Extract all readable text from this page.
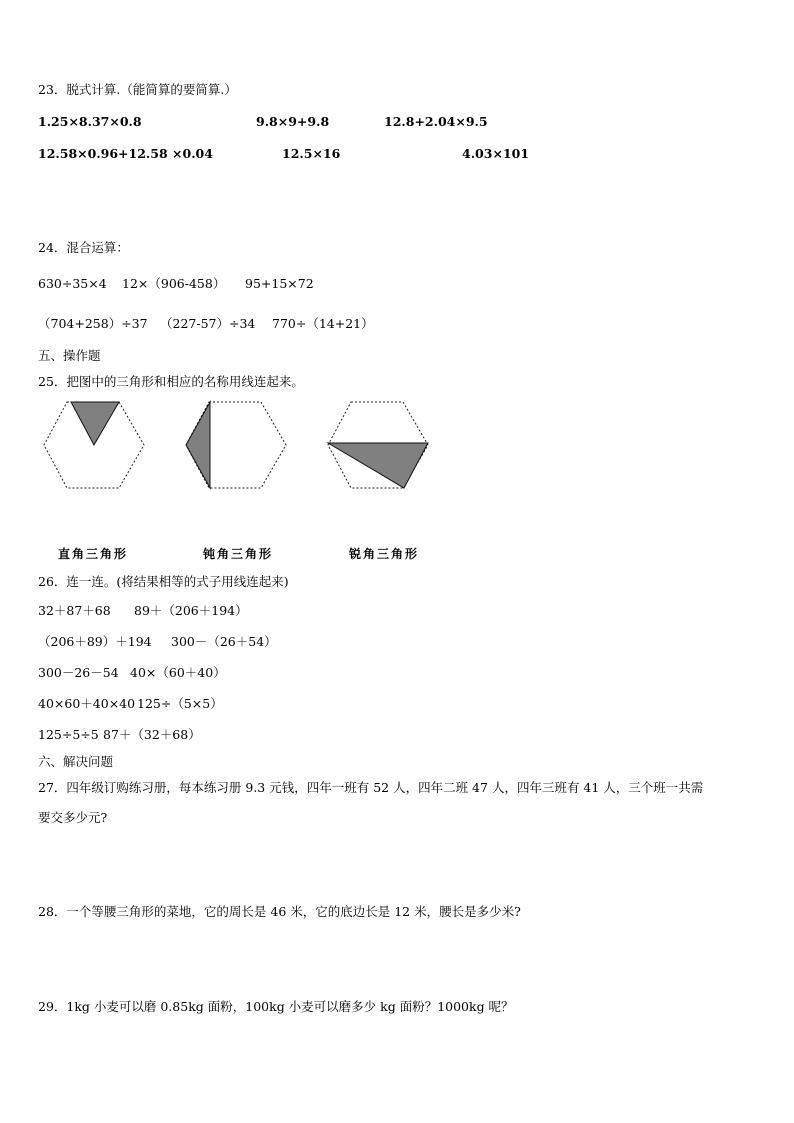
23．脱式计算.（能简算的要简算.）
1.25×8.37×0.8	9.8×9+9.8	12.8+2.04×9.5
12.58×0.96+12.58 ×0.04	12.5×16	4.03×101
24．混合运算：
630÷35×4 12×（906-458） 95+15×72
（704+258）÷37 （227-57）÷34 770÷（14+21）
五、操作题
25．把图中的三角形和相应的名称用线连起来。
直角三角形	钝角三角形	锐角三角形
26．连一连。(将结果相等的式子用线连起来)
32＋87＋68 89＋（206＋194）
（206＋89）＋194 300－（26＋54）
300－26－54 40×（60＋40）
40×60＋40×40 125÷（5×5）
125÷5÷5 87＋（32＋68）
六、解决问题
27．四年级订购练习册，每本练习册 9.3 元钱，四年一班有 52 人，四年二班 47 人，四年三班有 41 人，三个班一共需
要交多少元?
28．一个等腰三角形的菜地，它的周长是 46 米，它的底边长是 12 米，腰长是多少米?
29．1kg 小麦可以磨 0.85kg 面粉，100kg 小麦可以磨多少 kg 面粉？1000kg 呢？
